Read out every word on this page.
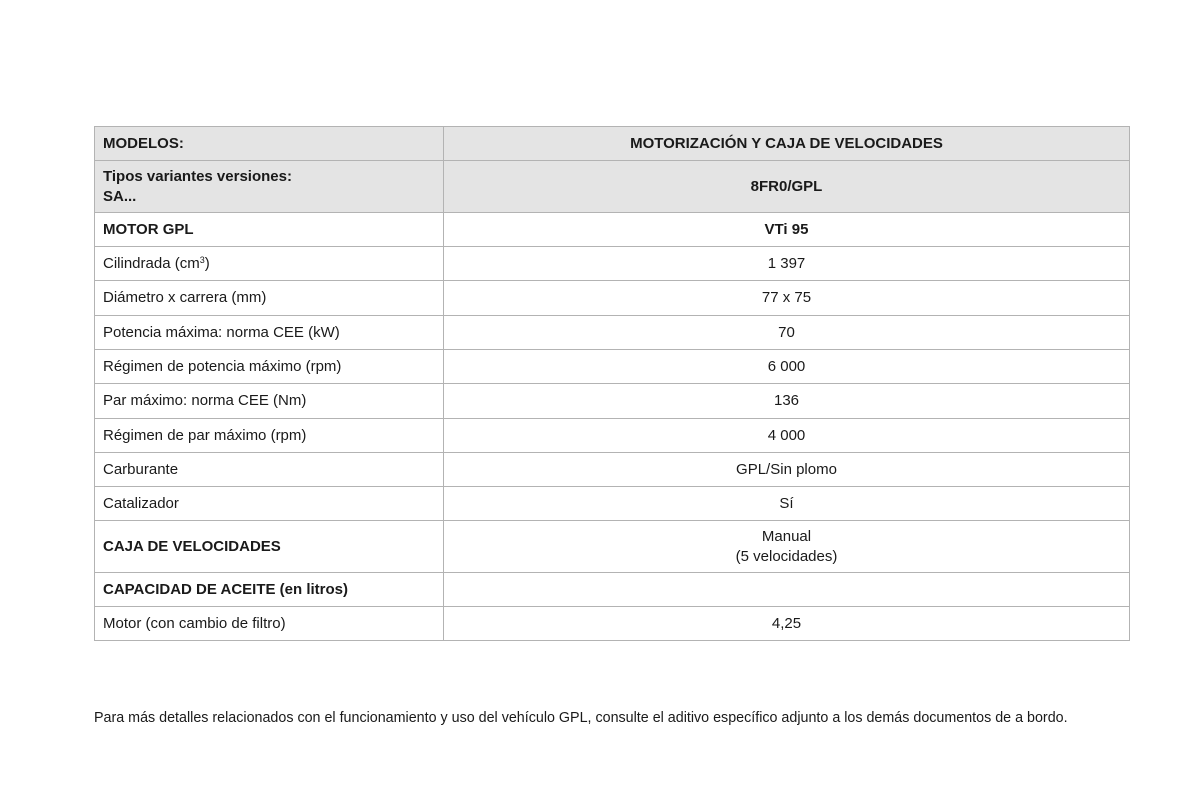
MODELOS:	MOTORIZACIÓN Y CAJA DE VELOCIDADES
Tipos variantes versiones:
SA...	8FR0/GPL
MOTOR GPL	VTi 95
Cilindrada $(cm^3)$	1 397
Diámetro x carrera (mm)	77 x 75
Potencia máxima: norma CEE (kW)	70
Régimen de potencia máximo (rpm)	6 000
Par máximo: norma CEE (Nm)	136
Régimen de par máximo (rpm)	4 000
Carburante	GPL/Sin plomo
Catalizador	Sí
CAJA DE VELOCIDADES	Manual
(5 velocidades)
CAPACIDAD DE ACEITE (en litros)	
Motor (con cambio de filtro)	4,25
Para más detalles relacionados con el funcionamiento y uso del vehículo GPL, consulte el aditivo específico adjunto a los demás documentos de a bordo.
